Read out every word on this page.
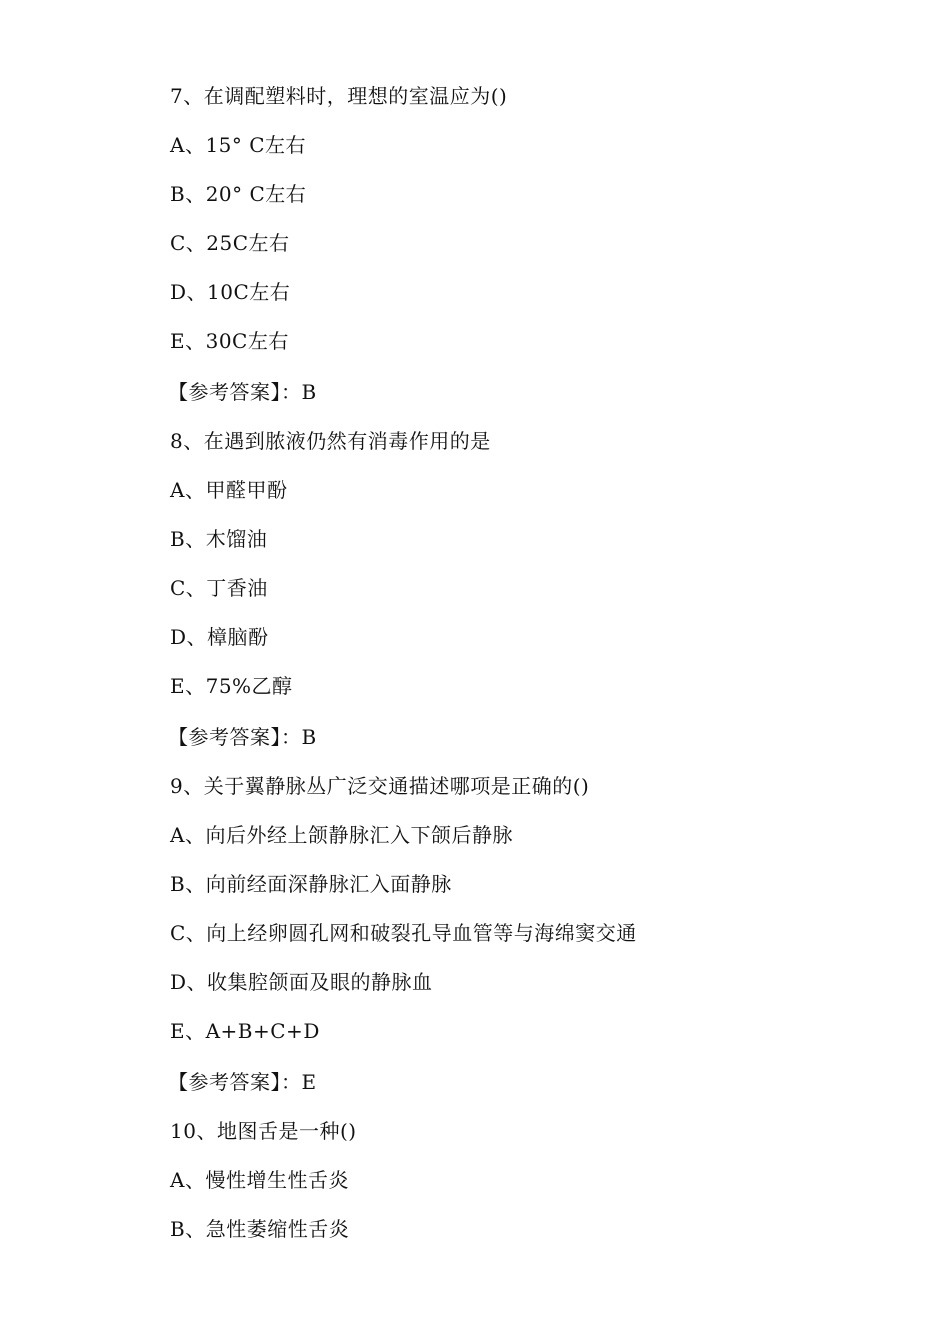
7、在调配塑料时，理想的室温应为()
A、15° C左右
B、20° C左右
C、25C左右
D、10C左右
E、30C左右
【参考答案】：B
8、在遇到脓液仍然有消毒作用的是
A、甲醛甲酚
B、木馏油
C、丁香油
D、樟脑酚
E、75%乙醇
【参考答案】：B
9、关于翼静脉丛广泛交通描述哪项是正确的()
A、向后外经上颌静脉汇入下颌后静脉
B、向前经面深静脉汇入面静脉
C、向上经卵圆孔网和破裂孔导血管等与海绵窦交通
D、收集腔颌面及眼的静脉血
E、A+B+C+D
【参考答案】：E
10、地图舌是一种()
A、慢性增生性舌炎
B、急性萎缩性舌炎
